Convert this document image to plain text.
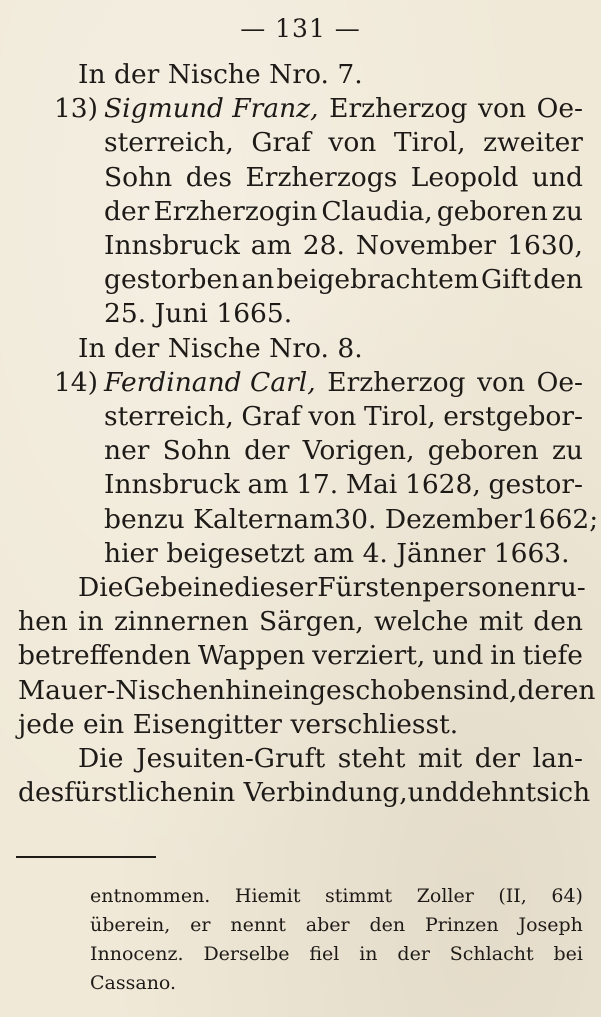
— 131 —
In der Nische Nro. 7.
13) Sigmund Franz, Erzherzog von Oe-
sterreich, Graf von Tirol, zweiter
Sohn des Erzherzogs Leopold und
der Erzherzogin Claudia, geboren zu
Innsbruck am 28. November 1630,
gestorben an beigebrachtem Gift den
25. Juni 1665.
In der Nische Nro. 8.
14) Ferdinand Carl, Erzherzog von Oe-
sterreich, Graf von Tirol, erstgebor-
ner Sohn der Vorigen, geboren zu
Innsbruck am 17. Mai 1628, gestor-
ben zu Kaltern am 30. Dezember 1662;
hier beigesetzt am 4. Jänner 1663.
Die Gebeine dieser Fürstenpersonen ru-
hen in zinnernen Särgen, welche mit den
betreffenden Wappen verziert, und in tiefe
Mauer-Nischen hineingeschoben sind, deren
jede ein Eisengitter verschliesst.
Die Jesuiten-Gruft steht mit der lan-
desfürstlichen in Verbindung, und dehnt sich
entnommen. Hiemit stimmt Zoller (II, 64)
überein, er nennt aber den Prinzen Joseph
Innocenz. Derselbe fiel in der Schlacht bei
Cassano.
